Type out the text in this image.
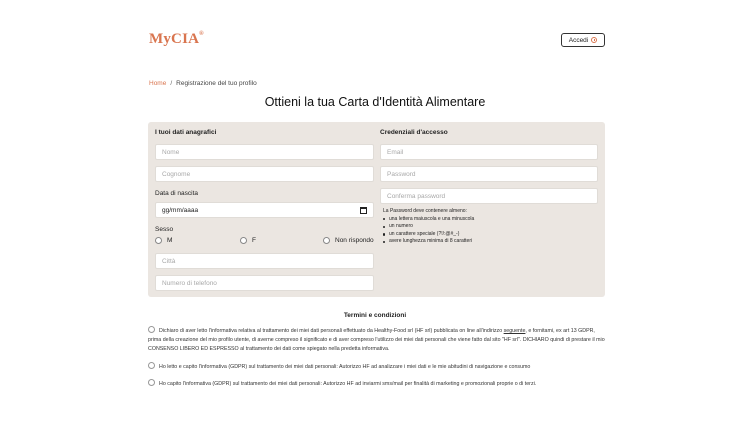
MyCIA®
Accedi
Home / Registrazione del tuo profilo
Ottieni la tua Carta d'Identità Alimentare
I tuoi dati anagrafici
Nome
Cognome
Data di nascita
gg/mm/aaaa
Sesso
M	F	Non rispondo
Città
Numero di telefono
Credenziali d'accesso
Email
Password
Conferma password
La Password deve contenere almeno:
una lettera maiuscola e una minuscola
un numero
un carattere speciale (?!/:@#_-)
avere lunghezza minima di 8 caratteri
Termini e condizioni
Dichiaro di aver letto l'informativa relativa al trattamento dei miei dati personali effettuato da Healthy-Food srl (HF srl) pubblicata on line all'indirizzo seguente, e fornitami, ex art 13 GDPR, prima della creazione del mio profilo utente, di averne compreso il significato e di aver compreso l'utilizzo dei miei dati personali che viene fatto dal sito "HF srl". DICHIARO quindi di prestare il mio CONSENSO LIBERO ED ESPRESSO al trattamento dei dati come spiegato nella predetta informativa.
Ho letto e capito l'informativa (GDPR) sul trattamento dei miei dati personali: Autorizzo HF ad analizzare i miei dati e le mie abitudini di navigazione e consumo
Ho capito l'informativa (GDPR) sul trattamento dei miei dati personali: Autorizzo HF ad inviarmi sms/mail per finalità di marketing e promozionali proprie o di terzi.
